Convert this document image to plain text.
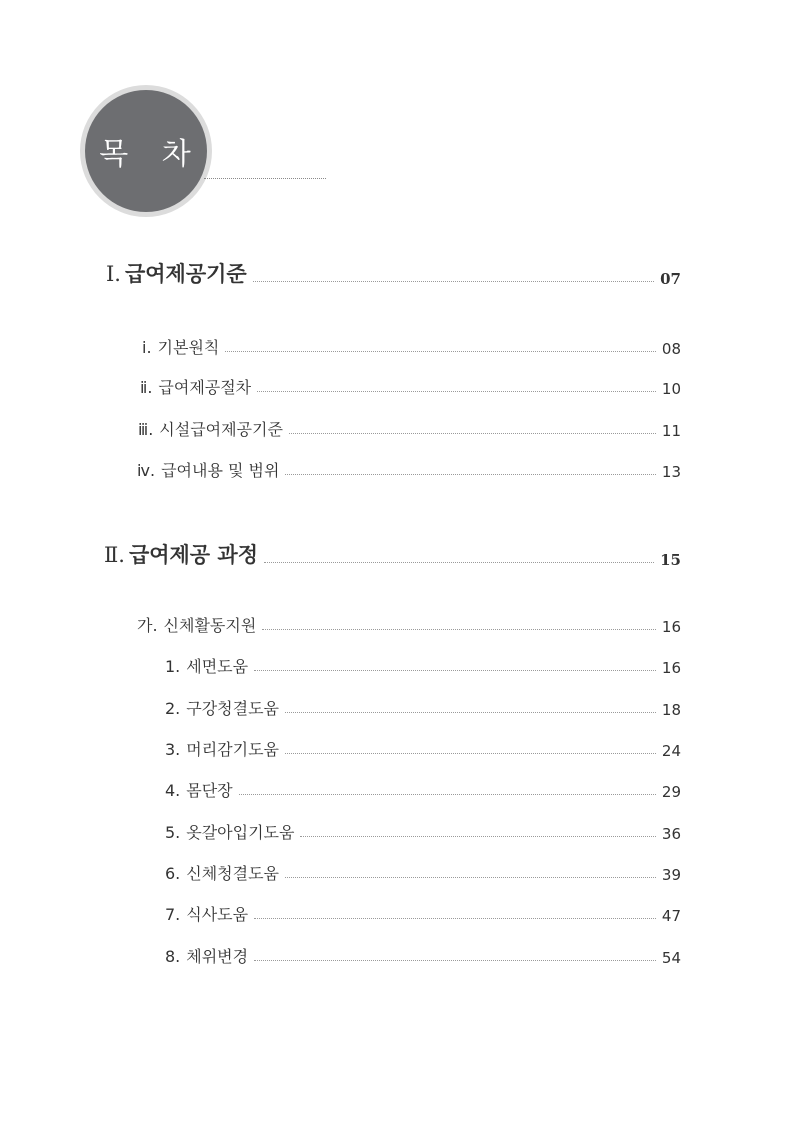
목 차
Ⅰ. 급여제공기준	07
ⅰ. 기본원칙	08
ⅱ. 급여제공절차	10
ⅲ. 시설급여제공기준	11
ⅳ. 급여내용 및 범위	13
Ⅱ. 급여제공 과정	15
가. 신체활동지원	16
1. 세면도움	16
2. 구강청결도움	18
3. 머리감기도움	24
4. 몸단장	29
5. 옷갈아입기도움	36
6. 신체청결도움	39
7. 식사도움	47
8. 체위변경	54
